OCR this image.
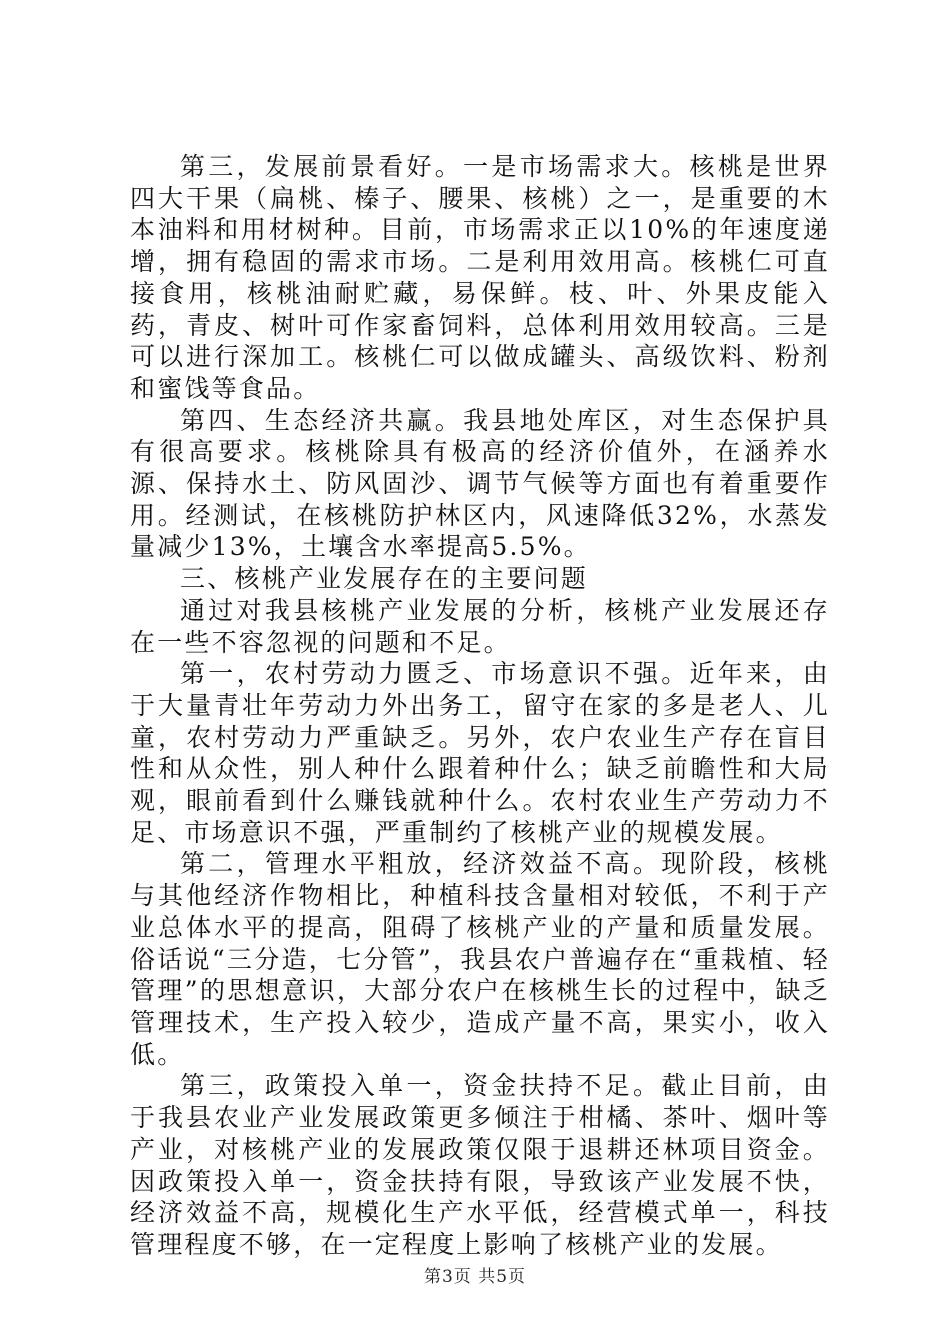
第三，发展前景看好。一是市场需求大。核桃是世界四大干果（扁桃、榛子、腰果、核桃）之一，是重要的木本油料和用材树种。目前，市场需求正以10%的年速度递增，拥有稳固的需求市场。二是利用效用高。核桃仁可直接食用，核桃油耐贮藏，易保鲜。枝、叶、外果皮能入药，青皮、树叶可作家畜饲料，总体利用效用较高。三是可以进行深加工。核桃仁可以做成罐头、高级饮料、粉剂和蜜饯等食品。

第四、生态经济共赢。我县地处库区，对生态保护具有很高要求。核桃除具有极高的经济价值外，在涵养水源、保持水土、防风固沙、调节气候等方面也有着重要作用。经测试，在核桃防护林区内，风速降低32%，水蒸发量减少13%，土壤含水率提高5.5%。

三、核桃产业发展存在的主要问题

通过对我县核桃产业发展的分析，核桃产业发展还存在一些不容忽视的问题和不足。

第一，农村劳动力匮乏、市场意识不强。近年来，由于大量青壮年劳动力外出务工，留守在家的多是老人、儿童，农村劳动力严重缺乏。另外，农户农业生产存在盲目性和从众性，别人种什么跟着种什么；缺乏前瞻性和大局观，眼前看到什么赚钱就种什么。农村农业生产劳动力不足、市场意识不强，严重制约了核桃产业的规模发展。

第二，管理水平粗放，经济效益不高。现阶段，核桃与其他经济作物相比，种植科技含量相对较低，不利于产业总体水平的提高，阻碍了核桃产业的产量和质量发展。俗话说“三分造，七分管”，我县农户普遍存在“重栽植、轻管理”的思想意识，大部分农户在核桃生长的过程中，缺乏管理技术，生产投入较少，造成产量不高，果实小，收入低。

第三，政策投入单一，资金扶持不足。截止目前，由于我县农业产业发展政策更多倾注于柑橘、茶叶、烟叶等产业，对核桃产业的发展政策仅限于退耕还林项目资金。因政策投入单一，资金扶持有限，导致该产业发展不快，经济效益不高，规模化生产水平低，经营模式单一，科技管理程度不够，在一定程度上影响了核桃产业的发展。

第3页 共5页
